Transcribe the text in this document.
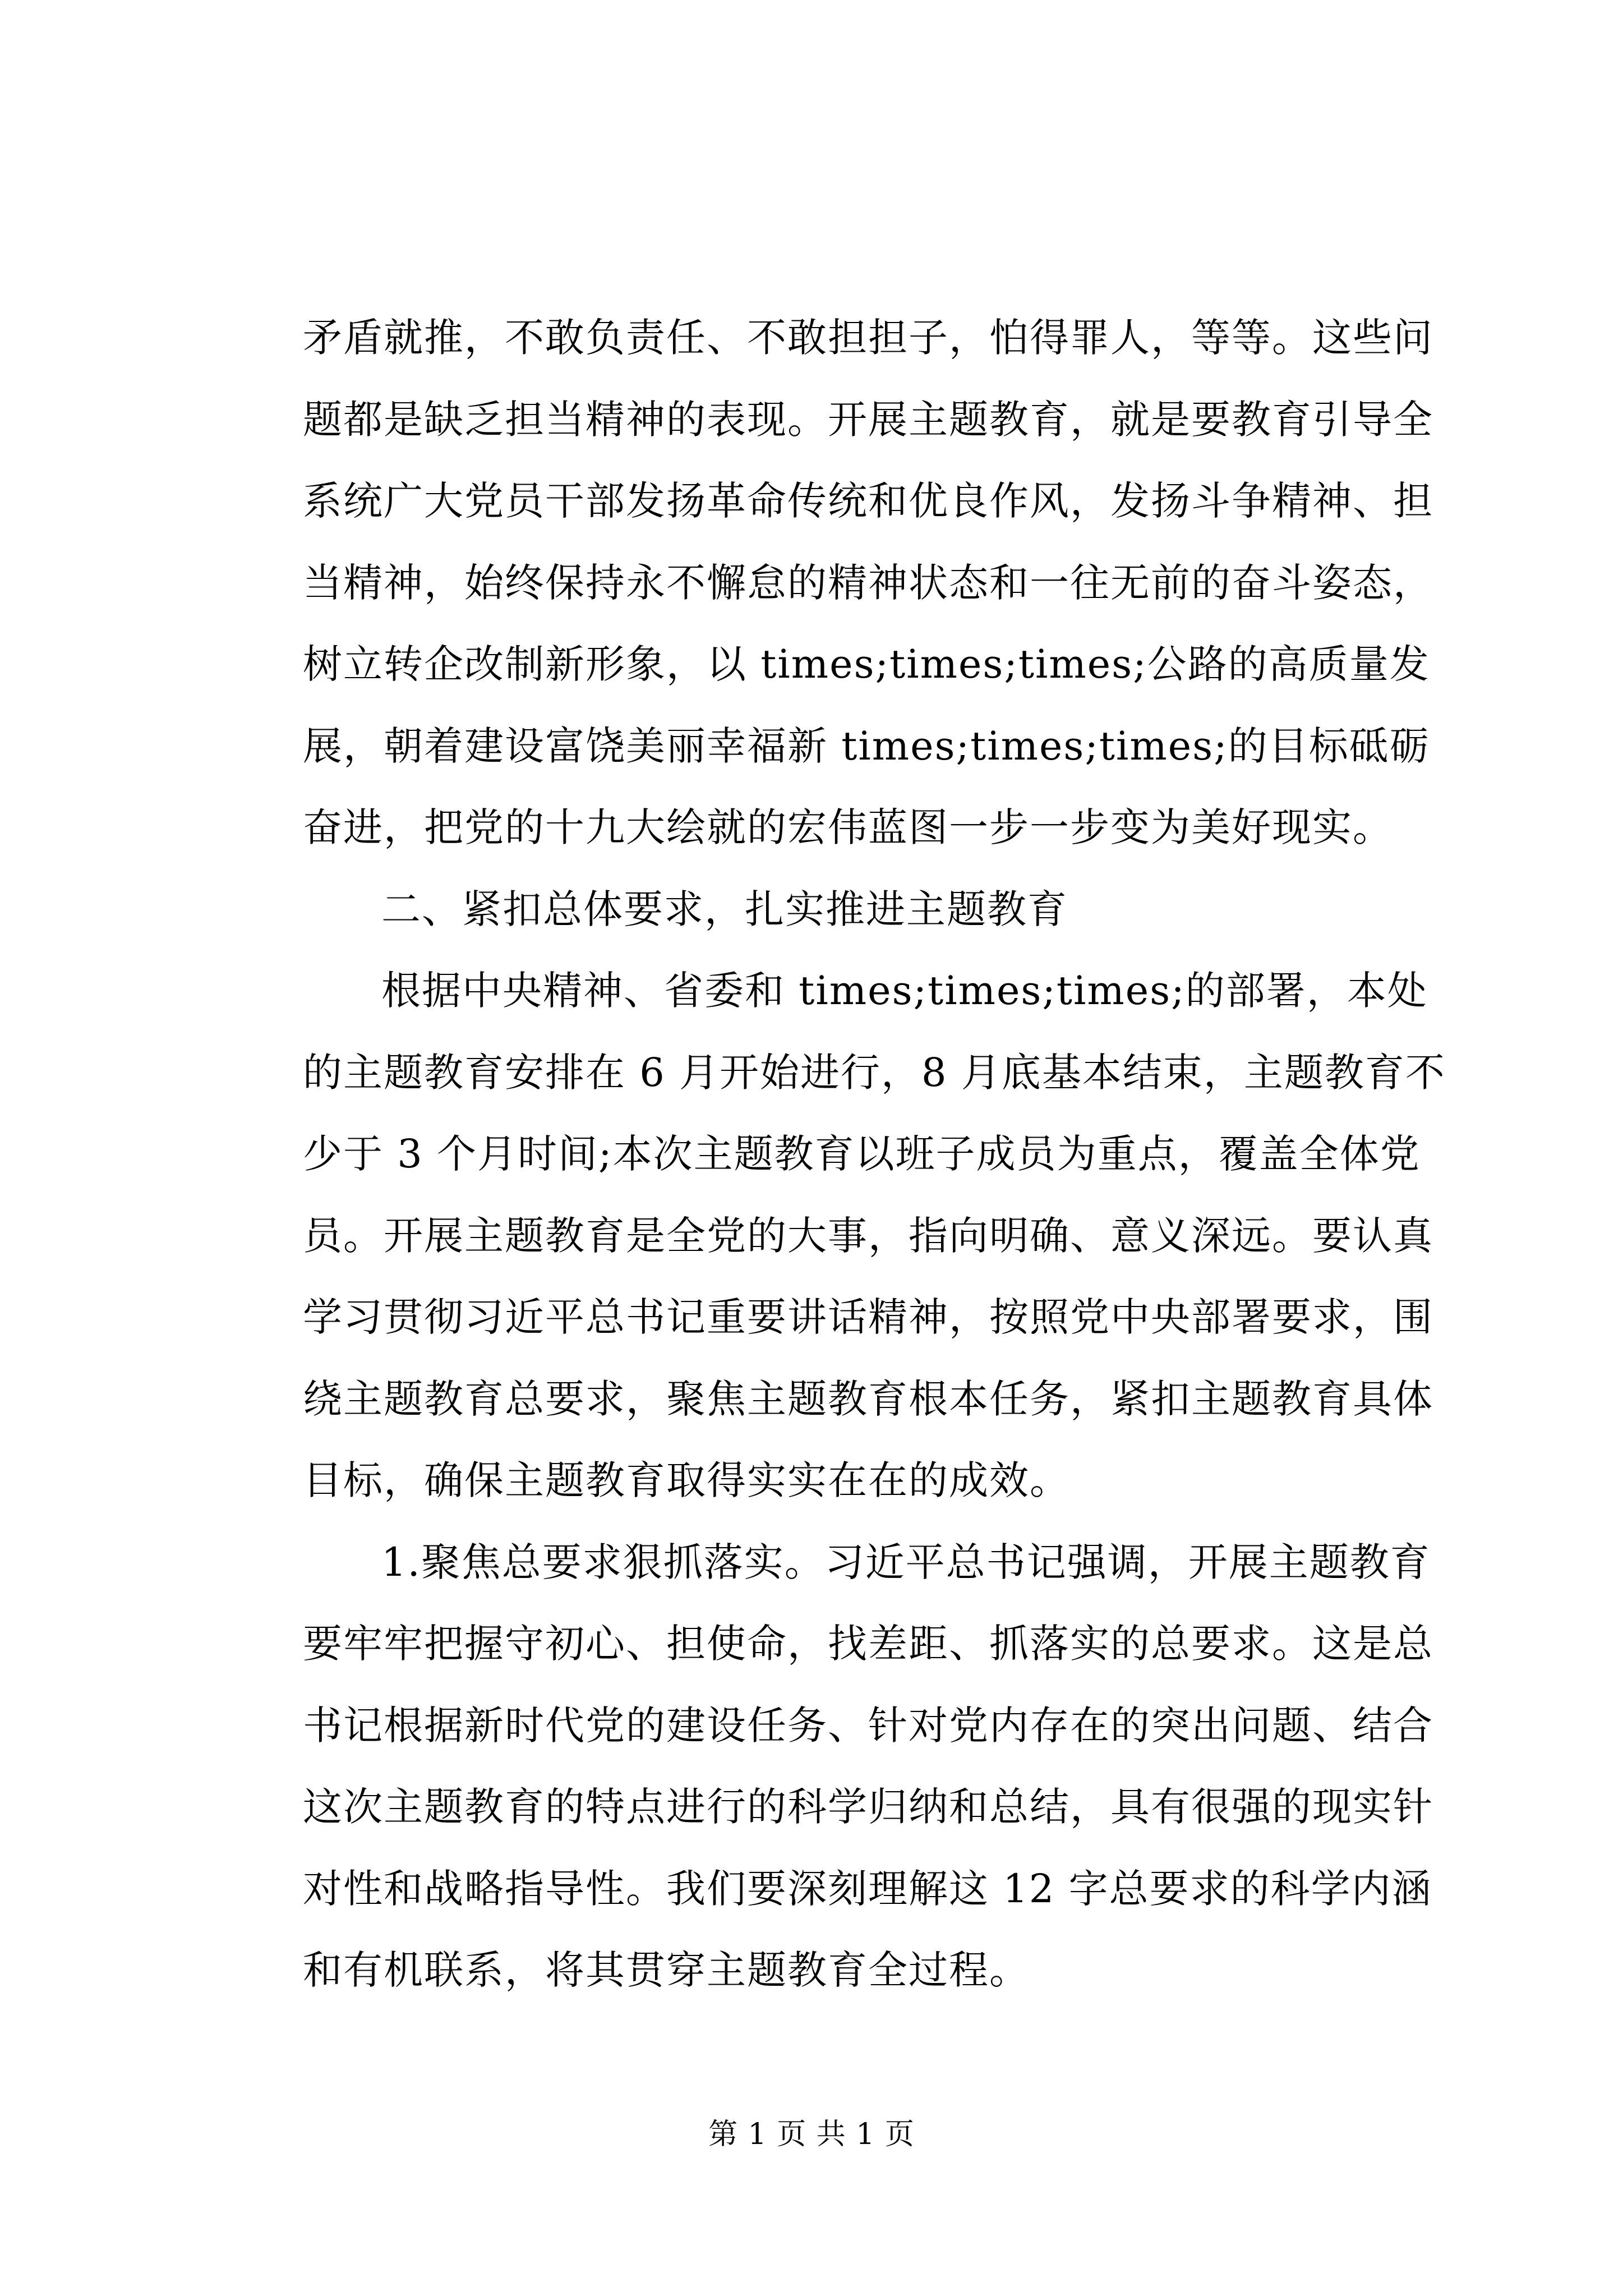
矛盾就推，不敢负责任、不敢担担子，怕得罪人，等等。这些问
题都是缺乏担当精神的表现。开展主题教育，就是要教育引导全
系统广大党员干部发扬革命传统和优良作风，发扬斗争精神、担
当精神，始终保持永不懈怠的精神状态和一往无前的奋斗姿态，
树立转企改制新形象，以 times;times;times;公路的高质量发
展，朝着建设富饶美丽幸福新 times;times;times;的目标砥砺
奋进，把党的十九大绘就的宏伟蓝图一步一步变为美好现实。
二、紧扣总体要求，扎实推进主题教育
根据中央精神、省委和 times;times;times;的部署，本处
的主题教育安排在 6 月开始进行，8 月底基本结束，主题教育不
少于 3 个月时间;本次主题教育以班子成员为重点，覆盖全体党
员。开展主题教育是全党的大事，指向明确、意义深远。要认真
学习贯彻习近平总书记重要讲话精神，按照党中央部署要求，围
绕主题教育总要求，聚焦主题教育根本任务，紧扣主题教育具体
目标，确保主题教育取得实实在在的成效。
1.聚焦总要求狠抓落实。习近平总书记强调，开展主题教育
要牢牢把握守初心、担使命，找差距、抓落实的总要求。这是总
书记根据新时代党的建设任务、针对党内存在的突出问题、结合
这次主题教育的特点进行的科学归纳和总结，具有很强的现实针
对性和战略指导性。我们要深刻理解这 12 字总要求的科学内涵
和有机联系，将其贯穿主题教育全过程。
第 1 页 共 1 页
